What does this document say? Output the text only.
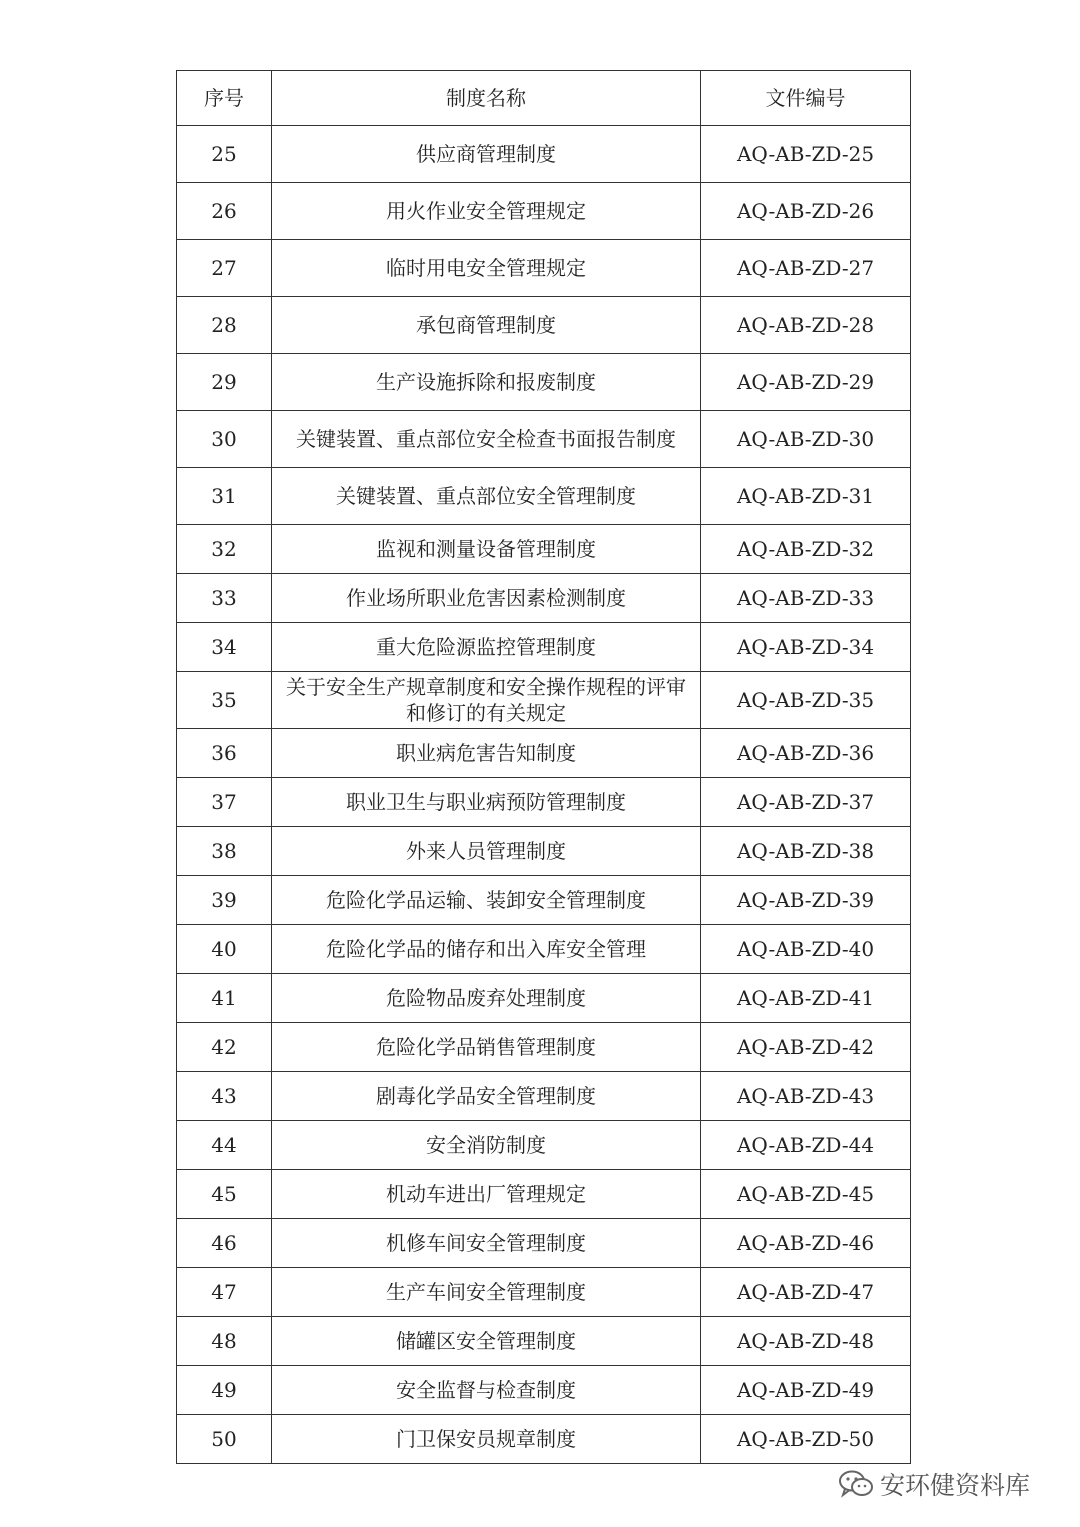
序号	制度名称	文件编号
25	供应商管理制度	AQ-AB-ZD-25
26	用火作业安全管理规定	AQ-AB-ZD-26
27	临时用电安全管理规定	AQ-AB-ZD-27
28	承包商管理制度	AQ-AB-ZD-28
29	生产设施拆除和报废制度	AQ-AB-ZD-29
30	关键装置、重点部位安全检查书面报告制度	AQ-AB-ZD-30
31	关键装置、重点部位安全管理制度	AQ-AB-ZD-31
32	监视和测量设备管理制度	AQ-AB-ZD-32
33	作业场所职业危害因素检测制度	AQ-AB-ZD-33
34	重大危险源监控管理制度	AQ-AB-ZD-34
35	关于安全生产规章制度和安全操作规程的评审和修订的有关规定	AQ-AB-ZD-35
36	职业病危害告知制度	AQ-AB-ZD-36
37	职业卫生与职业病预防管理制度	AQ-AB-ZD-37
38	外来人员管理制度	AQ-AB-ZD-38
39	危险化学品运输、装卸安全管理制度	AQ-AB-ZD-39
40	危险化学品的储存和出入库安全管理	AQ-AB-ZD-40
41	危险物品废弃处理制度	AQ-AB-ZD-41
42	危险化学品销售管理制度	AQ-AB-ZD-42
43	剧毒化学品安全管理制度	AQ-AB-ZD-43
44	安全消防制度	AQ-AB-ZD-44
45	机动车进出厂管理规定	AQ-AB-ZD-45
46	机修车间安全管理制度	AQ-AB-ZD-46
47	生产车间安全管理制度	AQ-AB-ZD-47
48	储罐区安全管理制度	AQ-AB-ZD-48
49	安全监督与检查制度	AQ-AB-ZD-49
50	门卫保安员规章制度	AQ-AB-ZD-50
安环健资料库
